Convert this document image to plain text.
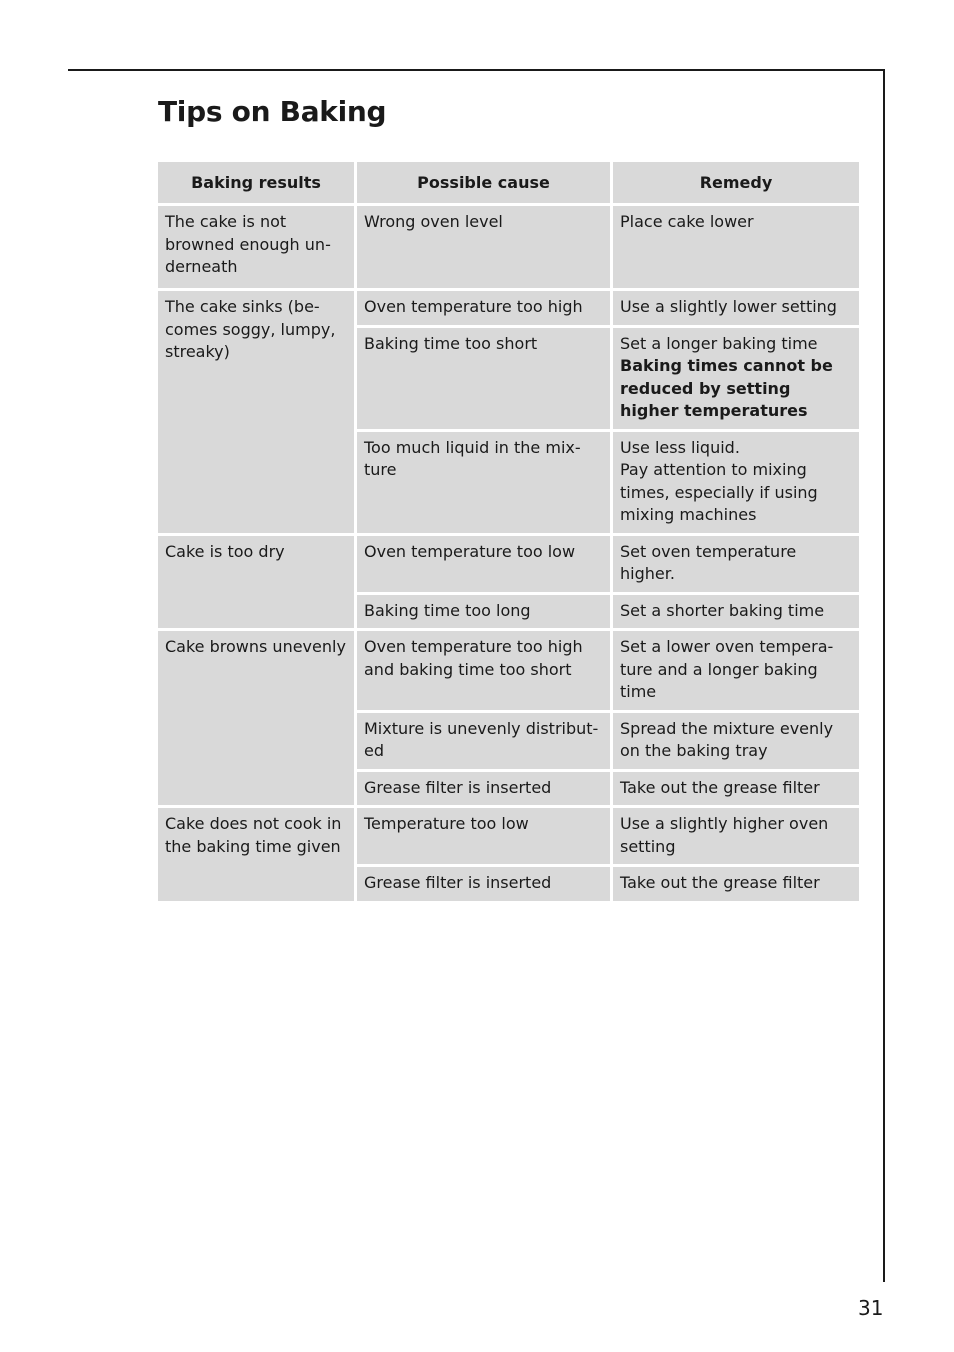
Tips on Baking
Baking results	Possible cause	Remedy
The cake is not browned enough underneath	Wrong oven level	Place cake lower

The cake sinks (becomes soggy, lumpy, streaky)	Oven temperature too high	Use a slightly lower setting

	Baking time too short	Set a longer baking time
Baking times cannot be reduced by setting higher temperatures

	Too much liquid in the mixture	Use less liquid.
Pay attention to mixing times, especially if using mixing machines

Cake is too dry	Oven temperature too low	Set oven temperature higher.

	Baking time too long	Set a shorter baking time

Cake browns unevenly	Oven temperature too high and baking time too short	Set a lower oven temperature and a longer baking time

	Mixture is unevenly distributed	Spread the mixture evenly on the baking tray

	Grease filter is inserted	Take out the grease filter

Cake does not cook in the baking time given	Temperature too low	Use a slightly higher oven setting

	Grease filter is inserted	Take out the grease filter
31
